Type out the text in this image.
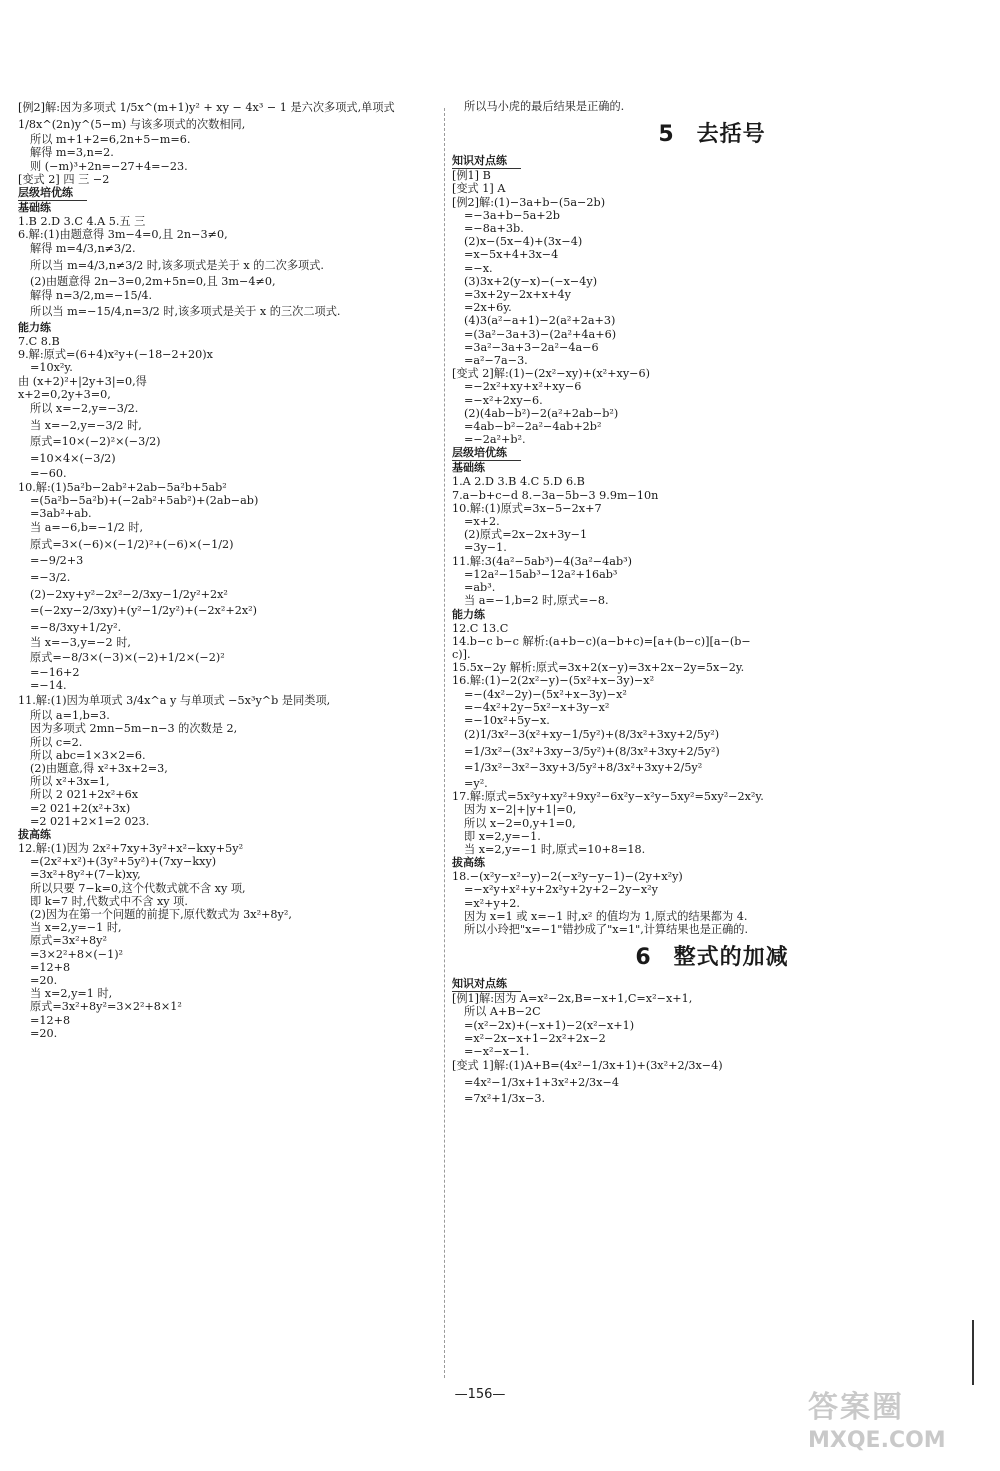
[例2]解:因为多项式 1/5x^(m+1)y² + xy − 4x³ − 1 是六次多项式,单项式
1/8x^(2n)y^(5−m) 与该多项式的次数相同,
所以 m+1+2=6,2n+5−m=6.
解得 m=3,n=2.
则 (−m)³+2n=−27+4=−23.
[变式 2] 四 三 −2
层级培优练
基础练
1.B 2.D 3.C 4.A 5.五 三
6.解:(1)由题意得 3m−4=0,且 2n−3≠0,
解得 m=4/3,n≠3/2.
所以当 m=4/3,n≠3/2 时,该多项式是关于 x 的二次多项式.
(2)由题意得 2n−3=0,2m+5n=0,且 3m−4≠0,
解得 n=3/2,m=−15/4.
所以当 m=−15/4,n=3/2 时,该多项式是关于 x 的三次二项式.
能力练
7.C 8.B
9.解:原式=(6+4)x²y+(−18−2+20)x
=10x²y.
由 (x+2)²+|2y+3|=0,得
x+2=0,2y+3=0,
所以 x=−2,y=−3/2.
当 x=−2,y=−3/2 时,
原式=10×(−2)²×(−3/2)
=10×4×(−3/2)
=−60.
10.解:(1)5a²b−2ab²+2ab−5a²b+5ab²
=(5a²b−5a²b)+(−2ab²+5ab²)+(2ab−ab)
=3ab²+ab.
当 a=−6,b=−1/2 时,
原式=3×(−6)×(−1/2)²+(−6)×(−1/2)
=−9/2+3
=−3/2.
(2)−2xy+y²−2x²−2/3xy−1/2y²+2x²
=(−2xy−2/3xy)+(y²−1/2y²)+(−2x²+2x²)
=−8/3xy+1/2y².
当 x=−3,y=−2 时,
原式=−8/3×(−3)×(−2)+1/2×(−2)²
=−16+2
=−14.
11.解:(1)因为单项式 3/4x^a y 与单项式 −5x³y^b 是同类项,
所以 a=1,b=3.
因为多项式 2mn−5m−n−3 的次数是 2,
所以 c=2.
所以 abc=1×3×2=6.
(2)由题意,得 x²+3x+2=3,
所以 x²+3x=1,
所以 2 021+2x²+6x
=2 021+2(x²+3x)
=2 021+2×1=2 023.
拔高练
12.解:(1)因为 2x²+7xy+3y²+x²−kxy+5y²
=(2x²+x²)+(3y²+5y²)+(7xy−kxy)
=3x²+8y²+(7−k)xy,
所以只要 7−k=0,这个代数式就不含 xy 项,
即 k=7 时,代数式中不含 xy 项.
(2)因为在第一个问题的前提下,原代数式为 3x²+8y²,
当 x=2,y=−1 时,
原式=3x²+8y²
=3×2²+8×(−1)²
=12+8
=20.
当 x=2,y=1 时,
原式=3x²+8y²=3×2²+8×1²
=12+8
=20.
所以马小虎的最后结果是正确的.
5 去括号
知识对点练
[例1] B
[变式 1] A
[例2]解:(1)−3a+b−(5a−2b)
=−3a+b−5a+2b
=−8a+3b.
(2)x−(5x−4)+(3x−4)
=x−5x+4+3x−4
=−x.
(3)3x+2(y−x)−(−x−4y)
=3x+2y−2x+x+4y
=2x+6y.
(4)3(a²−a+1)−2(a²+2a+3)
=(3a²−3a+3)−(2a²+4a+6)
=3a²−3a+3−2a²−4a−6
=a²−7a−3.
[变式 2]解:(1)−(2x²−xy)+(x²+xy−6)
=−2x²+xy+x²+xy−6
=−x²+2xy−6.
(2)(4ab−b²)−2(a²+2ab−b²)
=4ab−b²−2a²−4ab+2b²
=−2a²+b².
层级培优练
基础练
1.A 2.D 3.B 4.C 5.D 6.B
7.a−b+c−d 8.−3a−5b−3 9.9m−10n
10.解:(1)原式=3x−5−2x+7
=x+2.
(2)原式=2x−2x+3y−1
=3y−1.
11.解:3(4a²−5ab³)−4(3a²−4ab³)
=12a²−15ab³−12a²+16ab³
=ab³.
当 a=−1,b=2 时,原式=−8.
能力练
12.C 13.C
14.b−c b−c 解析:(a+b−c)(a−b+c)=[a+(b−c)][a−(b−
c)].
15.5x−2y 解析:原式=3x+2(x−y)=3x+2x−2y=5x−2y.
16.解:(1)−2(2x²−y)−(5x²+x−3y)−x²
=−(4x²−2y)−(5x²+x−3y)−x²
=−4x²+2y−5x²−x+3y−x²
=−10x²+5y−x.
(2)1/3x²−3(x²+xy−1/5y²)+(8/3x²+3xy+2/5y²)
=1/3x²−(3x²+3xy−3/5y²)+(8/3x²+3xy+2/5y²)
=1/3x²−3x²−3xy+3/5y²+8/3x²+3xy+2/5y²
=y².
17.解:原式=5x²y+xy²+9xy²−6x²y−x²y−5xy²=5xy²−2x²y.
因为 x−2|+|y+1|=0,
所以 x−2=0,y+1=0,
即 x=2,y=−1.
当 x=2,y=−1 时,原式=10+8=18.
拔高练
18.−(x²y−x²−y)−2(−x²y−y−1)−(2y+x²y)
=−x²y+x²+y+2x²y+2y+2−2y−x²y
=x²+y+2.
因为 x=1 或 x=−1 时,x² 的值均为 1,原式的结果都为 4.
所以小玲把"x=−1"错抄成了"x=1",计算结果也是正确的.
6 整式的加减
知识对点练
[例1]解:因为 A=x²−2x,B=−x+1,C=x²−x+1,
所以 A+B−2C
=(x²−2x)+(−x+1)−2(x²−x+1)
=x²−2x−x+1−2x²+2x−2
=−x²−x−1.
[变式 1]解:(1)A+B=(4x²−1/3x+1)+(3x²+2/3x−4)
=4x²−1/3x+1+3x²+2/3x−4
=7x²+1/3x−3.
—156—	答案圈
MXQE.COM
